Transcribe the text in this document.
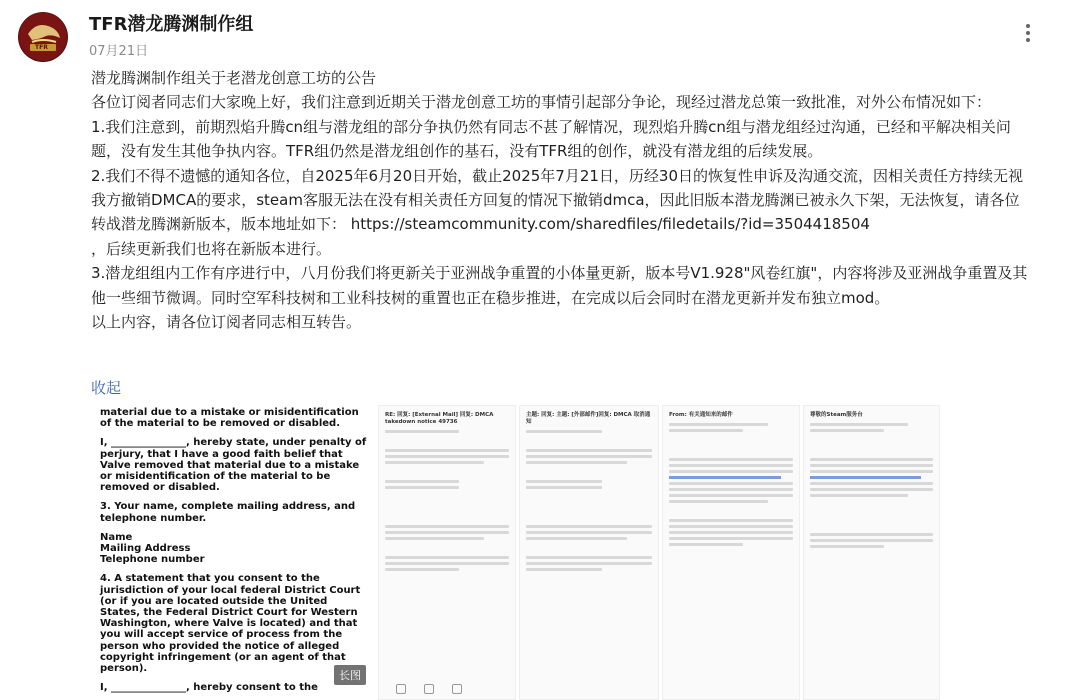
TFR
TFR潜龙腾渊制作组
07月21日

潜龙腾渊制作组关于老潜龙创意工坊的公告

各位订阅者同志们大家晚上好，我们注意到近期关于潜龙创意工坊的事情引起部分争论，现经过潜龙总策一致批准，对外公布情况如下：

1.我们注意到，前期烈焰升腾cn组与潜龙组的部分争执仍然有同志不甚了解情况，现烈焰升腾cn组与潜龙组经过沟通，已经和平解决相关问题，没有发生其他争执内容。TFR组仍然是潜龙组创作的基石，没有TFR组的创作，就没有潜龙组的后续发展。

2.我们不得不遗憾的通知各位，自2025年6月20日开始，截止2025年7月21日，历经30日的恢复性申诉及沟通交流，因相关责任方持续无视我方撤销DMCA的要求，steam客服无法在没有相关责任方回复的情况下撤销dmca，因此旧版本潜龙腾渊已被永久下架，无法恢复，请各位转战潜龙腾渊新版本，版本地址如下： https://steamcommunity.com/sharedfiles/filedetails/?id=3504418504

，后续更新我们也将在新版本进行。

3.潜龙组组内工作有序进行中，八月份我们将更新关于亚洲战争重置的小体量更新，版本号V1.928"风卷红旗"，内容将涉及亚洲战争重置及其他一些细节微调。同时空军科技树和工业科技树的重置也正在稳步推进，在完成以后会同时在潜龙更新并发布独立mod。

以上内容，请各位订阅者同志相互转告。

收起

material due to a mistake or misidentification of the material to be removed or disabled.

I, _______________, hereby state, under penalty of perjury, that I have a good faith belief that Valve removed that material due to a mistake or misidentification of the material to be removed or disabled.

3. Your name, complete mailing address, and telephone number.

Name
Mailing Address
Telephone number

4. A statement that you consent to the jurisdiction of your local federal District Court (or if you are located outside the United States, the Federal District Court for Western Washington, where Valve is located) and that you will accept service of process from the person who provided the notice of alleged copyright infringement (or an agent of that person).

I, _______________, hereby consent to the

RE: 回复: [External Mail] 回复: DMCA takedown notice 49736
主题: 回复: 主题: [外部邮件]回复: DMCA 取消通知
From: 有关通知来的邮件	尊敬的Steam服务台
长图
